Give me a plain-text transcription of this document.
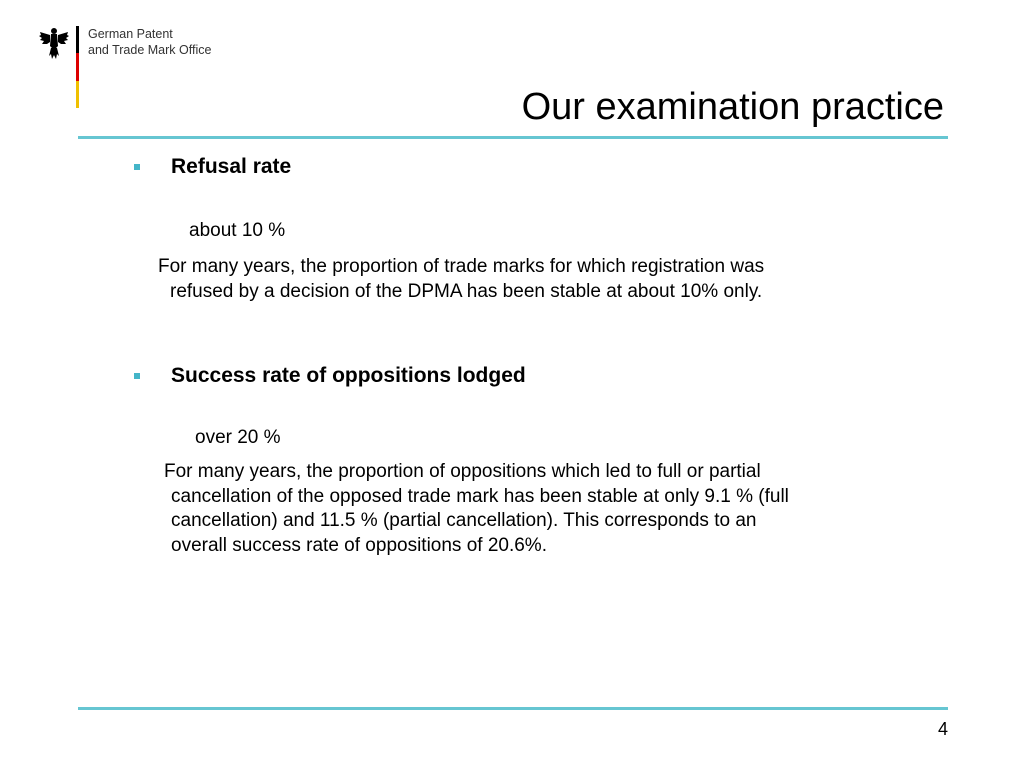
German Patent
and Trade Mark Office
Our examination practice
Refusal rate
about 10 %
For many years, the proportion of trade marks for which registration was
refused by a decision of the DPMA has been stable at about 10% only.
Success rate of oppositions lodged
over 20 %
For many years, the proportion of oppositions which led to full or partial
cancellation of the opposed trade mark has been stable at only 9.1 % (full
cancellation) and 11.5 % (partial cancellation). This corresponds to an
overall success rate of oppositions of 20.6%.
4
